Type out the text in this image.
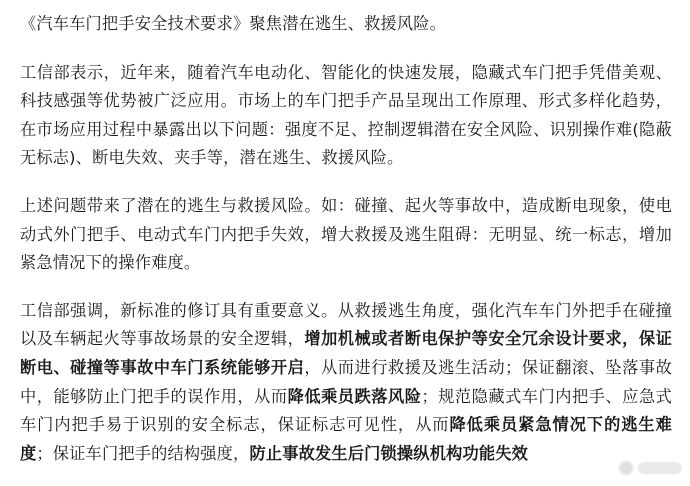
《汽车车门把手安全技术要求》聚焦潜在逃生、救援风险。

工信部表示，近年来，随着汽车电动化、智能化的快速发展，隐藏式车门把手凭借美观、科技感强等优势被广泛应用。市场上的车门把手产品呈现出工作原理、形式多样化趋势，在市场应用过程中暴露出以下问题：强度不足、控制逻辑潜在安全风险、识别操作难(隐蔽无标志)、断电失效、夹手等，潜在逃生、救援风险。

上述问题带来了潜在的逃生与救援风险。如：碰撞、起火等事故中，造成断电现象，使电动式外门把手、电动式车门内把手失效，增大救援及逃生阻碍：无明显、统一标志，增加紧急情况下的操作难度。

工信部强调，新标准的修订具有重要意义。从救援逃生角度，强化汽车车门外把手在碰撞以及车辆起火等事故场景的安全逻辑，增加机械或者断电保护等安全冗余设计要求，保证断电、碰撞等事故中车门系统能够开启，从而进行救援及逃生活动；保证翻滚、坠落事故中，能够防止门把手的误作用，从而降低乘员跌落风险；规范隐藏式车门内把手、应急式车门内把手易于识别的安全标志，保证标志可见性，从而降低乘员紧急情况下的逃生难度；保证车门把手的结构强度，防止事故发生后门锁操纵机构功能失效
